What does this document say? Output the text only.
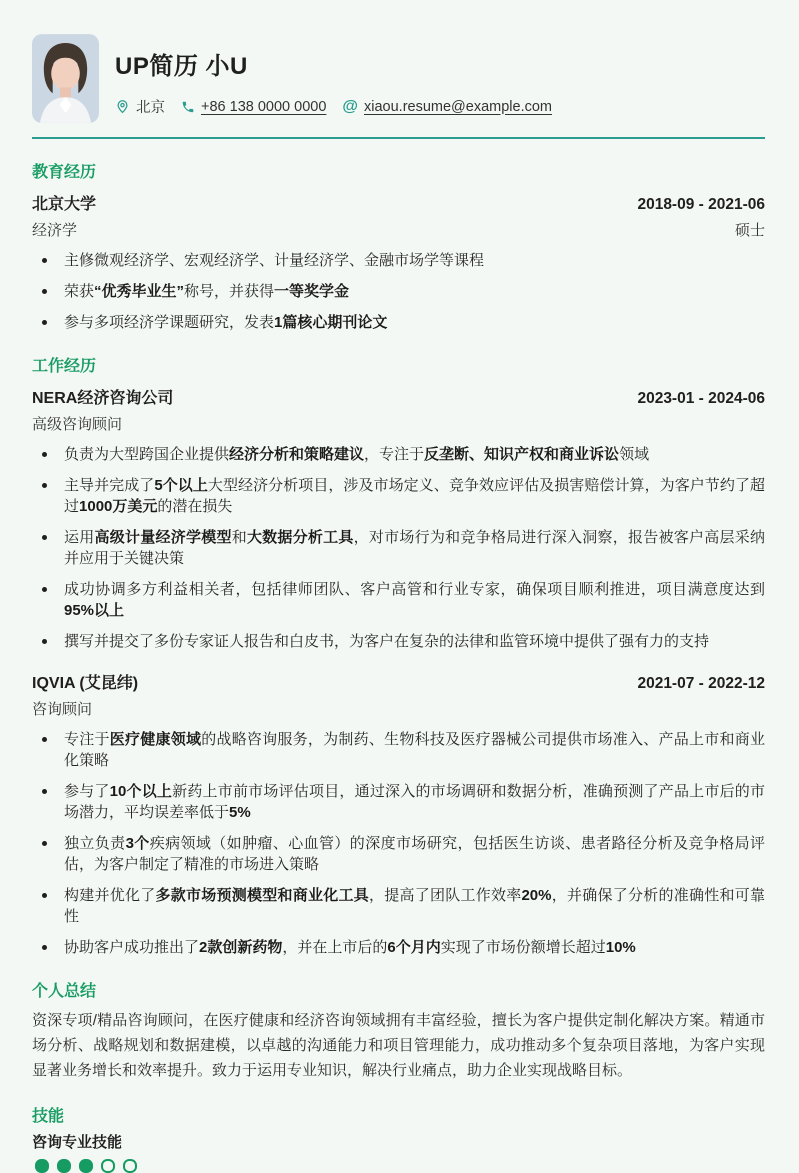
UP简历 小U
北京 +86 138 0000 0000 @ xiaou.resume@example.com
教育经历
北京大学	2018-09 - 2021-06
经济学	硕士
主修微观经济学、宏观经济学、计量经济学、金融市场学等课程
荣获“优秀毕业生”称号，并获得一等奖学金
参与多项经济学课题研究，发表1篇核心期刊论文
工作经历
NERA经济咨询公司	2023-01 - 2024-06
高级咨询顾问
负责为大型跨国企业提供经济分析和策略建议，专注于反垄断、知识产权和商业诉讼领域
主导并完成了5个以上大型经济分析项目，涉及市场定义、竞争效应评估及损害赔偿计算，为客户节约了超过1000万美元的潜在损失
运用高级计量经济学模型和大数据分析工具，对市场行为和竞争格局进行深入洞察，报告被客户高层采纳并应用于关键决策
成功协调多方利益相关者，包括律师团队、客户高管和行业专家，确保项目顺利推进，项目满意度达到95%以上
撰写并提交了多份专家证人报告和白皮书，为客户在复杂的法律和监管环境中提供了强有力的支持
IQVIA (艾昆纬)	2021-07 - 2022-12
咨询顾问
专注于医疗健康领域的战略咨询服务，为制药、生物科技及医疗器械公司提供市场准入、产品上市和商业化策略
参与了10个以上新药上市前市场评估项目，通过深入的市场调研和数据分析，准确预测了产品上市后的市场潜力，平均误差率低于5%
独立负责3个疾病领域（如肿瘤、心血管）的深度市场研究，包括医生访谈、患者路径分析及竞争格局评估，为客户制定了精准的市场进入策略
构建并优化了多款市场预测模型和商业化工具，提高了团队工作效率20%，并确保了分析的准确性和可靠性
协助客户成功推出了2款创新药物，并在上市后的6个月内实现了市场份额增长超过10%
个人总结

资深专项/精品咨询顾问，在医疗健康和经济咨询领域拥有丰富经验，擅长为客户提供定制化解决方案。精通市场分析、战略规划和数据建模，以卓越的沟通能力和项目管理能力，成功推动多个复杂项目落地，为客户实现显著业务增长和效率提升。致力于运用专业知识，解决行业痛点，助力企业实现战略目标。

技能
咨询专业技能
